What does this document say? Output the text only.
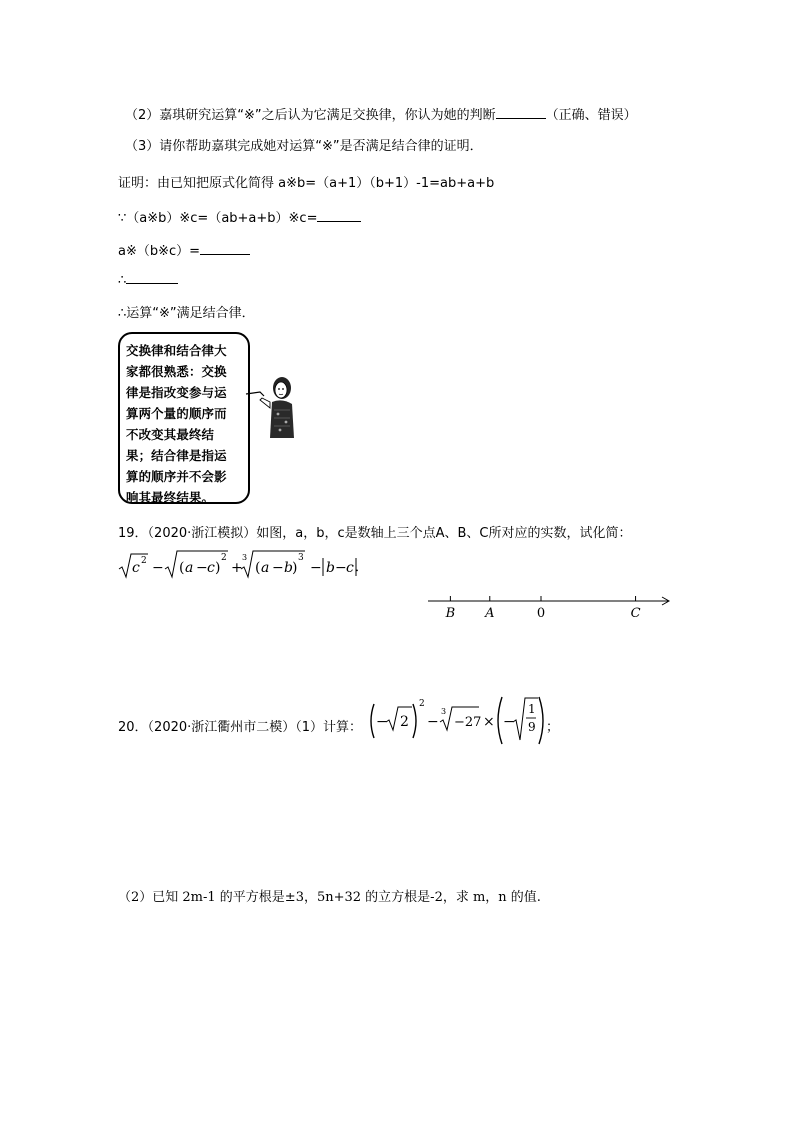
（2）嘉琪研究运算“※”之后认为它满足交换律，你认为她的判断	（正确、错误）
（3）请你帮助嘉琪完成她对运算“※”是否满足结合律的证明．
证明：由已知把原式化简得 a※b=（a+1）（b+1）-1=ab+a+b
∵（a※b）※c=（ab+a+b）※c=
a※（b※c）=
∴
∴运算“※”满足结合律．
交换律和结合律大
家都很熟悉：交换
律是指改变参与运
算两个量的顺序而
不改变其最终结
果；结合律是指运
算的顺序并不会影
响其最终结果。
19．（2020·浙江模拟）如图，a，b，c是数轴上三个点A、B、C所对应的实数，试化简：
c 2 − ( a − c )
2
+
3
( a − b )
3
− b − c ．
B A	0	C
20．（2020·浙江衢州市二模）（1）计算： − 2
2
−
3
−27 × −
1
9 ；
（2）已知 2m-1 的平方根是±3，5n+32 的立方根是-2，求 m，n 的值.
